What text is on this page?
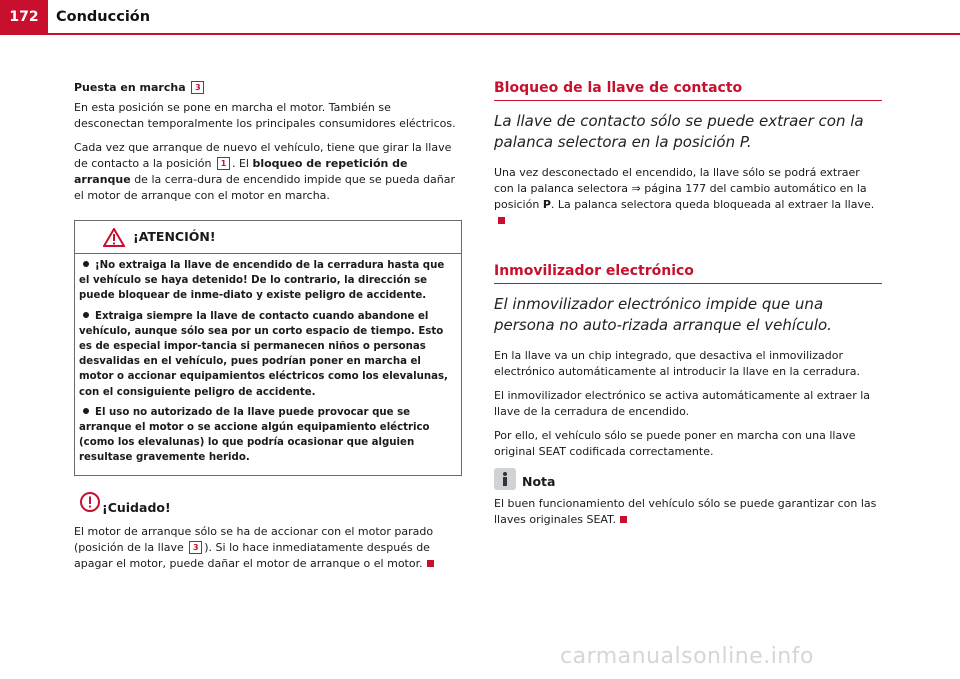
172	Conducción
Puesta en marcha 3

En esta posición se pone en marcha el motor. También se desconectan temporalmente los principales consumidores eléctricos.

Cada vez que arranque de nuevo el vehículo, tiene que girar la llave de contacto a la posición 1 . El bloqueo de repetición de arranque de la cerra-dura de encendido impide que se pueda dañar el motor de arranque con el motor en marcha.

¡ATENCIÓN!
¡No extraiga la llave de encendido de la cerradura hasta que el vehículo se haya detenido! De lo contrario, la dirección se puede bloquear de inme-diato y existe peligro de accidente.
Extraiga siempre la llave de contacto cuando abandone el vehículo, aunque sólo sea por un corto espacio de tiempo. Esto es de especial impor-tancia si permanecen niños o personas desvalidas en el vehículo, pues podrían poner en marcha el motor o accionar equipamientos eléctricos como los elevalunas, con el consiguiente peligro de accidente.
El uso no autorizado de la llave puede provocar que se arranque el motor o se accione algún equipamiento eléctrico (como los elevalunas) lo que podría ocasionar que alguien resultase gravemente herido.
¡Cuidado!

El motor de arranque sólo se ha de accionar con el motor parado (posición de la llave 3 ). Si lo hace inmediatamente después de apagar el motor, puede dañar el motor de arranque o el motor.

Bloqueo de la llave de contacto
La llave de contacto sólo se puede extraer con la palanca selectora en la posición P.

Una vez desconectado el encendido, la llave sólo se podrá extraer con la palanca selectora ⇒ página 177 del cambio automático en la posición P. La palanca selectora queda bloqueada al extraer la llave.

Inmovilizador electrónico
El inmovilizador electrónico impide que una persona no auto-rizada arranque el vehículo.

En la llave va un chip integrado, que desactiva el inmovilizador electrónico automáticamente al introducir la llave en la cerradura.

El inmovilizador electrónico se activa automáticamente al extraer la llave de la cerradura de encendido.

Por ello, el vehículo sólo se puede poner en marcha con una llave original SEAT codificada correctamente.

Nota

El buen funcionamiento del vehículo sólo se puede garantizar con las llaves originales SEAT.

carmanualsonline.info
